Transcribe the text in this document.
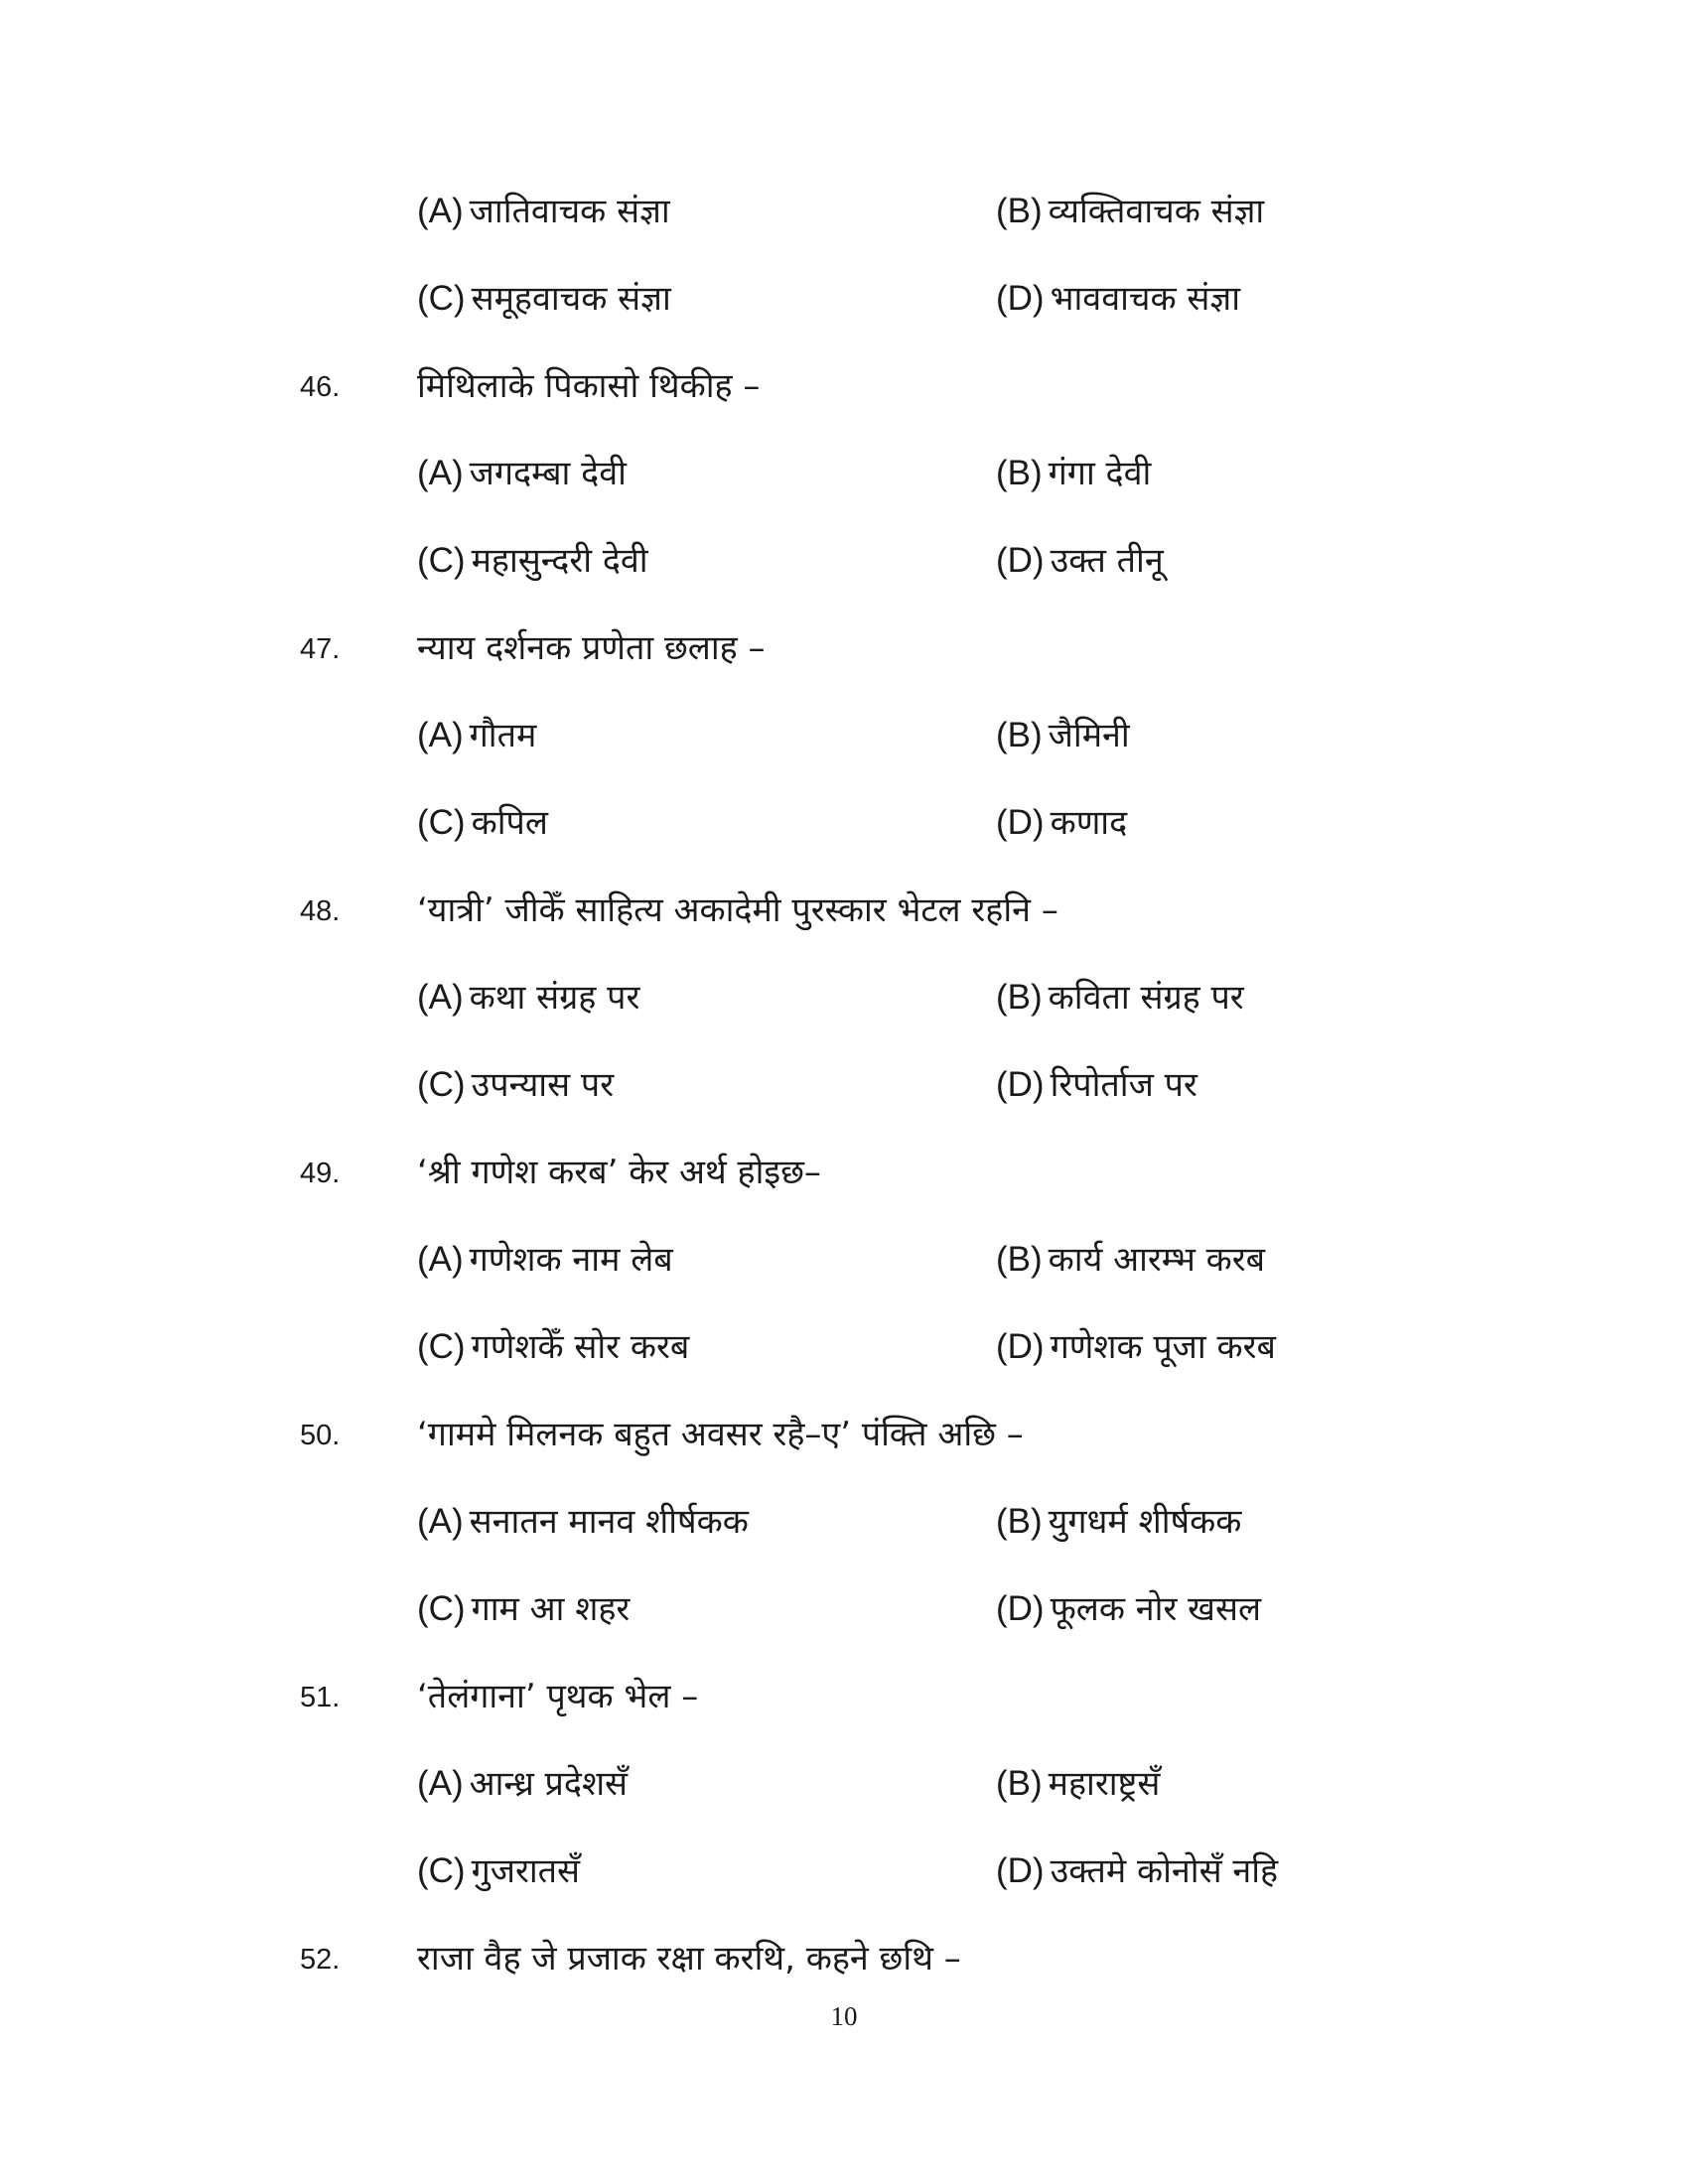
(A) जातिवाचक संज्ञा	(B) व्यक्तिवाचक संज्ञा
(C) समूहवाचक संज्ञा	(D) भाववाचक संज्ञा
46. मिथिलाके पिकासो थिकीह –
(A) जगदम्बा देवी	(B) गंगा देवी
(C) महासुन्दरी देवी	(D) उक्त तीनू
47. न्याय दर्शनक प्रणेता छलाह –
(A) गौतम	(B) जैमिनी
(C) कपिल	(D) कणाद
48. ‘यात्री’ जीकेँ साहित्य अकादेमी पुरस्कार भेटल रहनि –
(A) कथा संग्रह पर	(B) कविता संग्रह पर
(C) उपन्यास पर	(D) रिपोर्ताज पर
49. ‘श्री गणेश करब’ केर अर्थ होइछ–
(A) गणेशक नाम लेब	(B) कार्य आरम्भ करब
(C) गणेशकेँ सोर करब	(D) गणेशक पूजा करब
50. ‘गाममे मिलनक बहुत अवसर रहै–ए’ पंक्ति अछि –
(A) सनातन मानव शीर्षकक	(B) युगधर्म शीर्षकक
(C) गाम आ शहर	(D) फूलक नोर खसल
51. ‘तेलंगाना’ पृथक भेल –
(A) आन्ध्र प्रदेशसँ	(B) महाराष्ट्रसँ
(C) गुजरातसँ	(D) उक्तमे कोनोसँ नहि
52. राजा वैह जे प्रजाक रक्षा करथि, कहने छथि –
10
